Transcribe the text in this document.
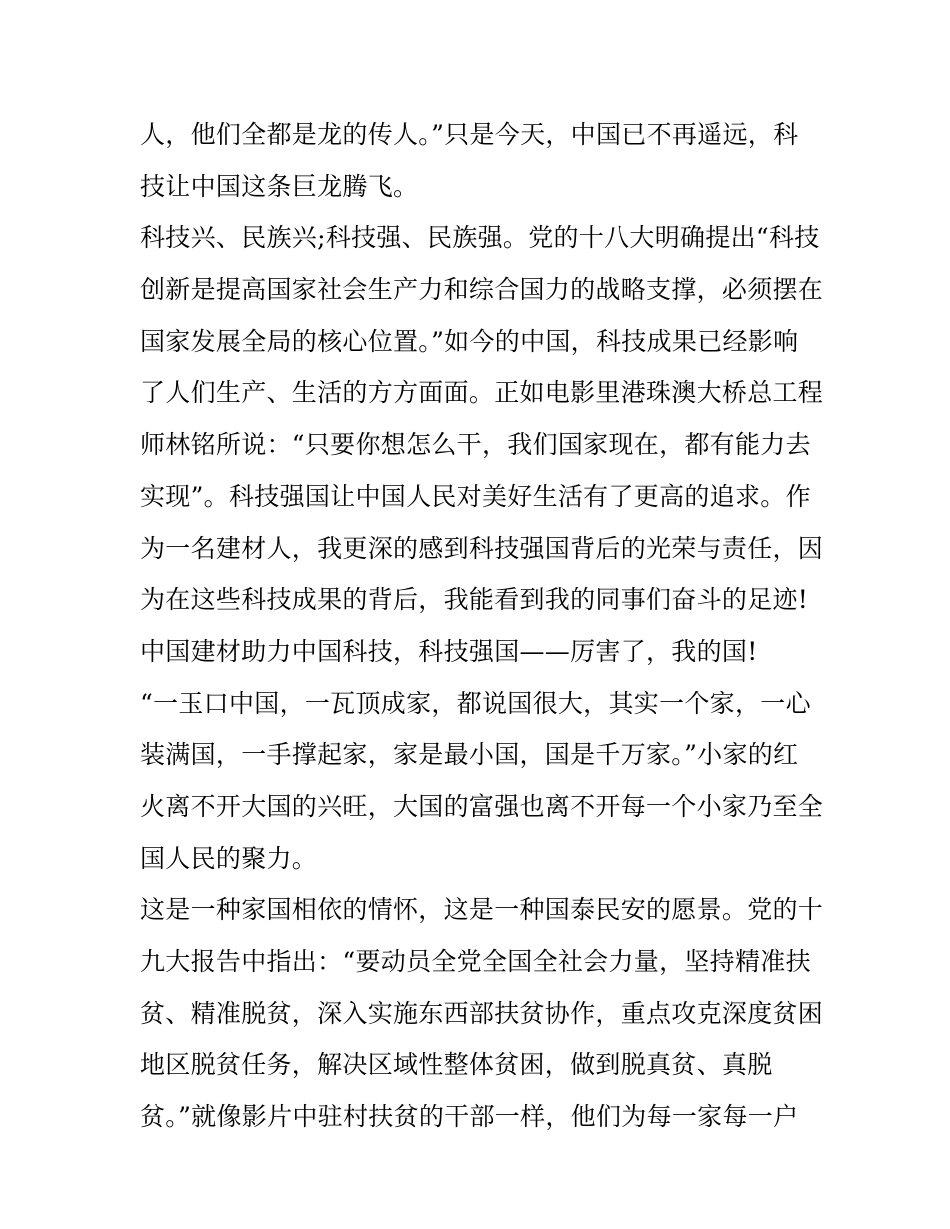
人，他们全都是龙的传人。”只是今天，中国已不再遥远，科
技让中国这条巨龙腾飞。
科技兴、民族兴;科技强、民族强。党的十八大明确提出“科技
创新是提高国家社会生产力和综合国力的战略支撑，必须摆在
国家发展全局的核心位置。”如今的中国，科技成果已经影响
了人们生产、生活的方方面面。正如电影里港珠澳大桥总工程
师林铭所说：“只要你想怎么干，我们国家现在，都有能力去
实现”。科技强国让中国人民对美好生活有了更高的追求。作
为一名建材人，我更深的感到科技强国背后的光荣与责任，因
为在这些科技成果的背后，我能看到我的同事们奋斗的足迹!
中国建材助力中国科技，科技强国——厉害了，我的国!
“一玉口中国，一瓦顶成家，都说国很大，其实一个家，一心
装满国，一手撑起家，家是最小国，国是千万家。”小家的红
火离不开大国的兴旺，大国的富强也离不开每一个小家乃至全
国人民的聚力。
这是一种家国相依的情怀，这是一种国泰民安的愿景。党的十
九大报告中指出：“要动员全党全国全社会力量，坚持精准扶
贫、精准脱贫，深入实施东西部扶贫协作，重点攻克深度贫困
地区脱贫任务，解决区域性整体贫困，做到脱真贫、真脱
贫。”就像影片中驻村扶贫的干部一样，他们为每一家每一户
